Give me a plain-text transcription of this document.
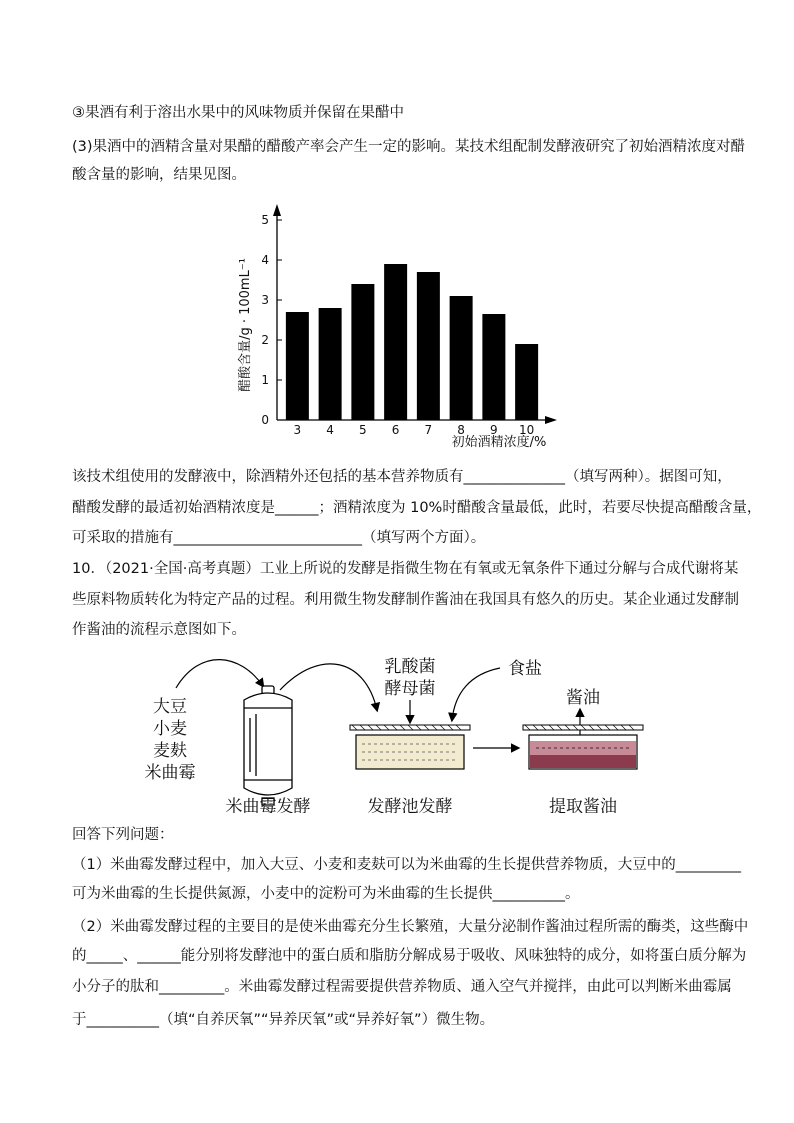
③果酒有利于溶出水果中的风味物质并保留在果醋中
(3)果酒中的酒精含量对果醋的醋酸产率会产生一定的影响。某技术组配制发酵液研究了初始酒精浓度对醋
酸含量的影响，结果见图。
醋酸含量/g · 100mL⁻¹
0
1
2
3
4
5
3 4 5 6 7 8 9 10
初始酒精浓度/%
该技术组使用的发酵液中，除酒精外还包括的基本营养物质有______________（填写两种）。据图可知，
醋酸发酵的最适初始酒精浓度是______；酒精浓度为 10%时醋酸含量最低，此时，若要尽快提高醋酸含量，
可采取的措施有__________________________（填写两个方面）。
10．（2021·全国·高考真题）工业上所说的发酵是指微生物在有氧或无氧条件下通过分解与合成代谢将某
些原料物质转化为特定产品的过程。利用微生物发酵制作酱油在我国具有悠久的历史。某企业通过发酵制
作酱油的流程示意图如下。
大豆
小麦
麦麸
米曲霉
乳酸菌
酵母菌
食盐
酱油
米曲霉发酵	发酵池发酵	提取酱油
回答下列问题：
（1）米曲霉发酵过程中，加入大豆、小麦和麦麸可以为米曲霉的生长提供营养物质，大豆中的_________
可为米曲霉的生长提供氮源，小麦中的淀粉可为米曲霉的生长提供__________。
（2）米曲霉发酵过程的主要目的是使米曲霉充分生长繁殖，大量分泌制作酱油过程所需的酶类，这些酶中
的_____、______能分别将发酵池中的蛋白质和脂肪分解成易于吸收、风味独特的成分，如将蛋白质分解为
小分子的肽和_________。米曲霉发酵过程需要提供营养物质、通入空气并搅拌，由此可以判断米曲霉属
于__________（填“自养厌氧”“异养厌氧”或“异养好氧”）微生物。
